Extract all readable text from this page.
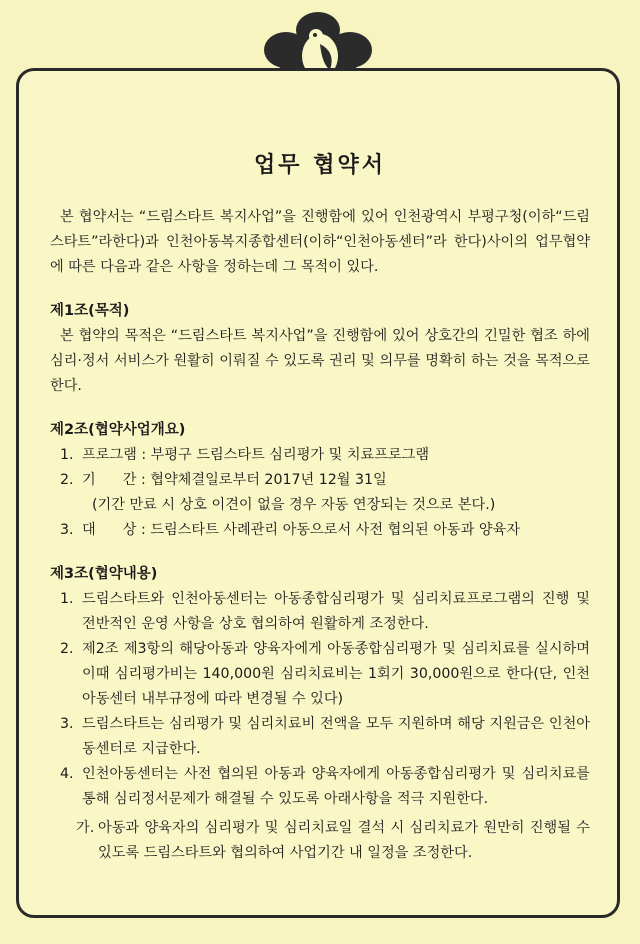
업무 협약서

본 협약서는 “드림스타트 복지사업”을 진행함에 있어 인천광역시 부평구청(이하“드림스타트”라한다)과 인천아동복지종합센터(이하“인천아동센터”라 한다)사이의 업무협약에 따른 다음과 같은 사항을 정하는데 그 목적이 있다.

제1조(목적)

본 협약의 목적은 “드림스타트 복지사업”을 진행함에 있어 상호간의 긴밀한 협조 하에 심리·정서 서비스가 원활히 이뤄질 수 있도록 권리 및 의무를 명확히 하는 것을 목적으로 한다.

제2조(협약사업개요)

1. 프로그램 : 부평구 드림스타트 심리평가 및 치료프로그램
2. 기      간 : 협약체결일로부터 2017년 12월 31일
(기간 만료 시 상호 이견이 없을 경우 자동 연장되는 것으로 본다.)
3. 대      상 : 드림스타트 사례관리 아동으로서 사전 협의된 아동과 양육자

제3조(협약내용)

1. 드림스타트와 인천아동센터는 아동종합심리평가 및 심리치료프로그램의 진행 및 전반적인 운영 사항을 상호 협의하여 원활하게 조정한다.
2. 제2조 제3항의 해당아동과 양육자에게 아동종합심리평가 및 심리치료를 실시하며 이때 심리평가비는 140,000원 심리치료비는 1회기 30,000원으로 한다(단, 인천아동센터 내부규정에 따라 변경될 수 있다)
3. 드림스타트는 심리평가 및 심리치료비 전액을 모두 지원하며 해당 지원금은 인천아동센터로 지급한다.
4. 인천아동센터는 사전 협의된 아동과 양육자에게 아동종합심리평가 및 심리치료를 통해 심리정서문제가 해결될 수 있도록 아래사항을 적극 지원한다.
가. 아동과 양육자의 심리평가 및 심리치료일 결석 시 심리치료가 원만히 진행될 수 있도록 드림스타트와 협의하여 사업기간 내 일정을 조정한다.
